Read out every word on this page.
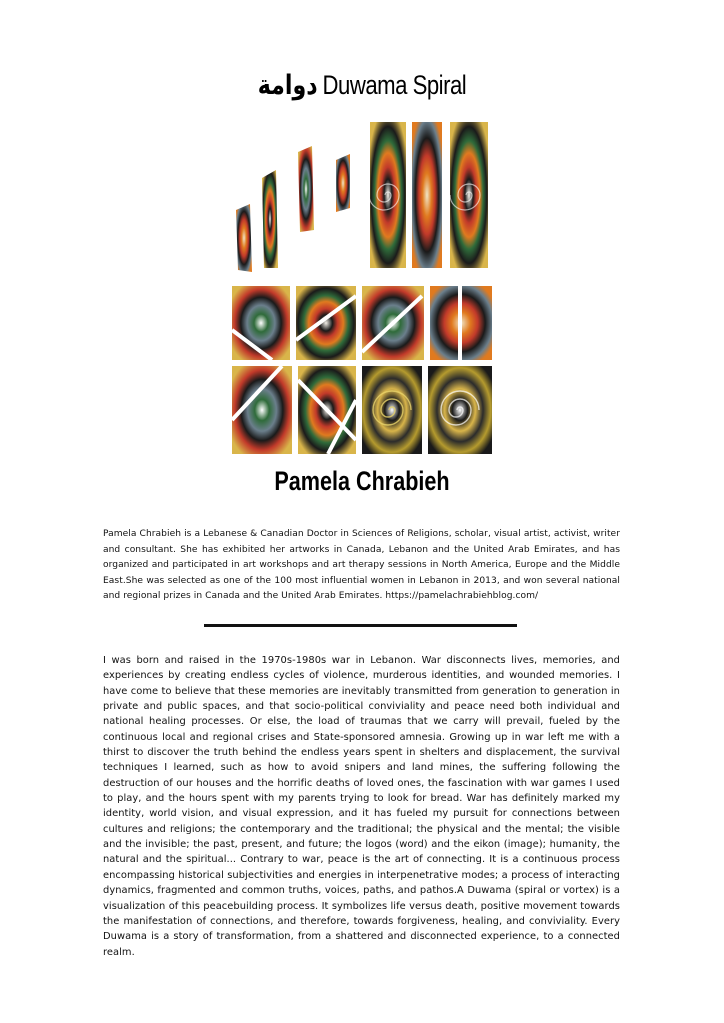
دوامة Duwama Spiral
Pamela Chrabieh

Pamela Chrabieh is a Lebanese & Canadian Doctor in Sciences of Religions, scholar, visual artist, activist, writer and consultant. She has exhibited her artworks in Canada, Lebanon and the United Arab Emirates, and has organized and participated in art workshops and art therapy sessions in North America, Europe and the Middle East.She was selected as one of the 100 most influential women in Lebanon in 2013, and won several national and regional prizes in Canada and the United Arab Emirates. https://pamelachrabiehblog.com/

I was born and raised in the 1970s-1980s war in Lebanon. War disconnects lives, memories, and experiences by creating endless cycles of violence, murderous identities, and wounded memories. I have come to believe that these memories are inevitably transmitted from generation to generation in private and public spaces, and that socio-political conviviality and peace need both individual and national healing processes. Or else, the load of traumas that we carry will prevail, fueled by the continuous local and regional crises and State-sponsored amnesia. Growing up in war left me with a thirst to discover the truth behind the endless years spent in shelters and displacement, the survival techniques I learned, such as how to avoid snipers and land mines, the suffering following the destruction of our houses and the horrific deaths of loved ones, the fascination with war games I used to play, and the hours spent with my parents trying to look for bread. War has definitely marked my identity, world vision, and visual expression, and it has fueled my pursuit for connections between cultures and religions; the contemporary and the traditional; the physical and the mental; the visible and the invisible; the past, present, and future; the logos (word) and the eikon (image); humanity, the natural and the spiritual... Contrary to war, peace is the art of connecting. It is a continuous process encompassing historical subjectivities and energies in interpenetrative modes; a process of interacting dynamics, fragmented and common truths, voices, paths, and pathos.A Duwama (spiral or vortex) is a visualization of this peacebuilding process. It symbolizes life versus death, positive movement towards the manifestation of connections, and therefore, towards forgiveness, healing, and conviviality. Every Duwama is a story of transformation, from a shattered and disconnected experience, to a connected realm.
